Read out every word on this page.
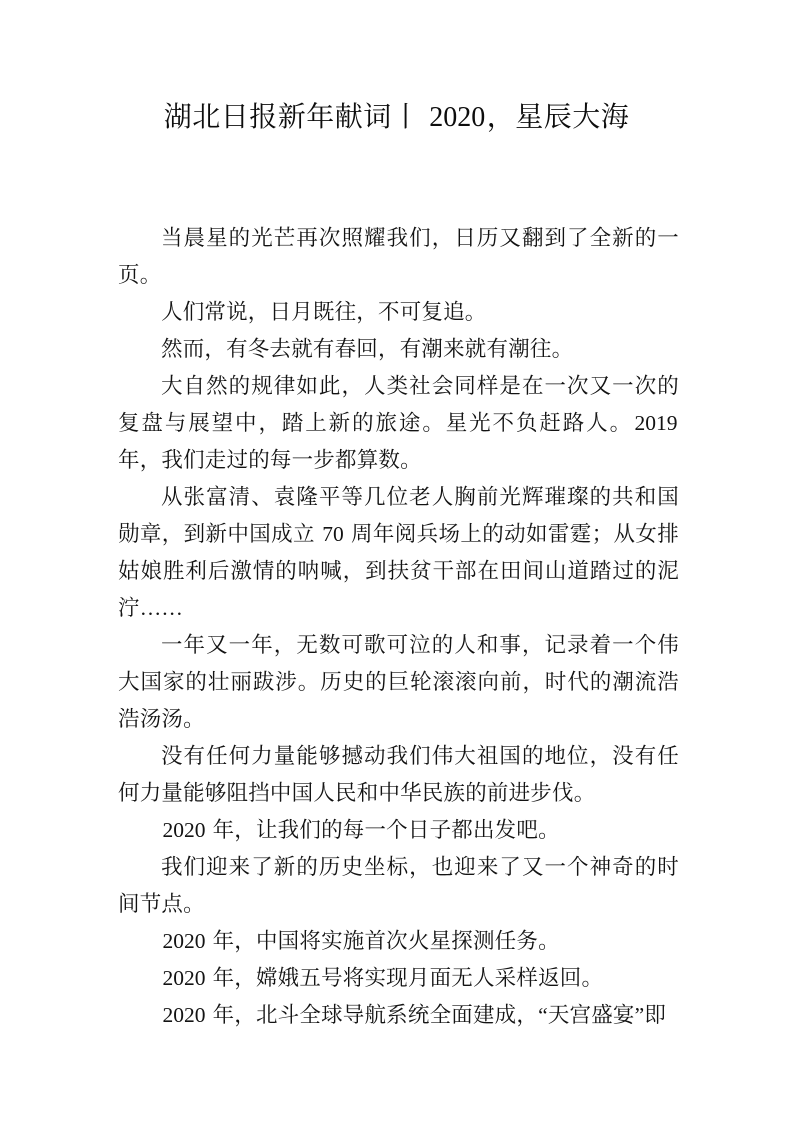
湖北日报新年献词丨 2020，星辰大海

当晨星的光芒再次照耀我们，日历又翻到了全新的一页。

人们常说，日月既往，不可复追。

然而，有冬去就有春回，有潮来就有潮往。

大自然的规律如此，人类社会同样是在一次又一次的复盘与展望中，踏上新的旅途。星光不负赶路人。2019 年，我们走过的每一步都算数。

从张富清、袁隆平等几位老人胸前光辉璀璨的共和国勋章，到新中国成立 70 周年阅兵场上的动如雷霆；从女排姑娘胜利后激情的呐喊，到扶贫干部在田间山道踏过的泥泞……

一年又一年，无数可歌可泣的人和事，记录着一个伟大国家的壮丽跋涉。历史的巨轮滚滚向前，时代的潮流浩浩汤汤。

没有任何力量能够撼动我们伟大祖国的地位，没有任何力量能够阻挡中国人民和中华民族的前进步伐。

2020 年，让我们的每一个日子都出发吧。

我们迎来了新的历史坐标，也迎来了又一个神奇的时间节点。

2020 年，中国将实施首次火星探测任务。

2020 年，嫦娥五号将实现月面无人采样返回。

2020 年，北斗全球导航系统全面建成，“天宫盛宴”即
